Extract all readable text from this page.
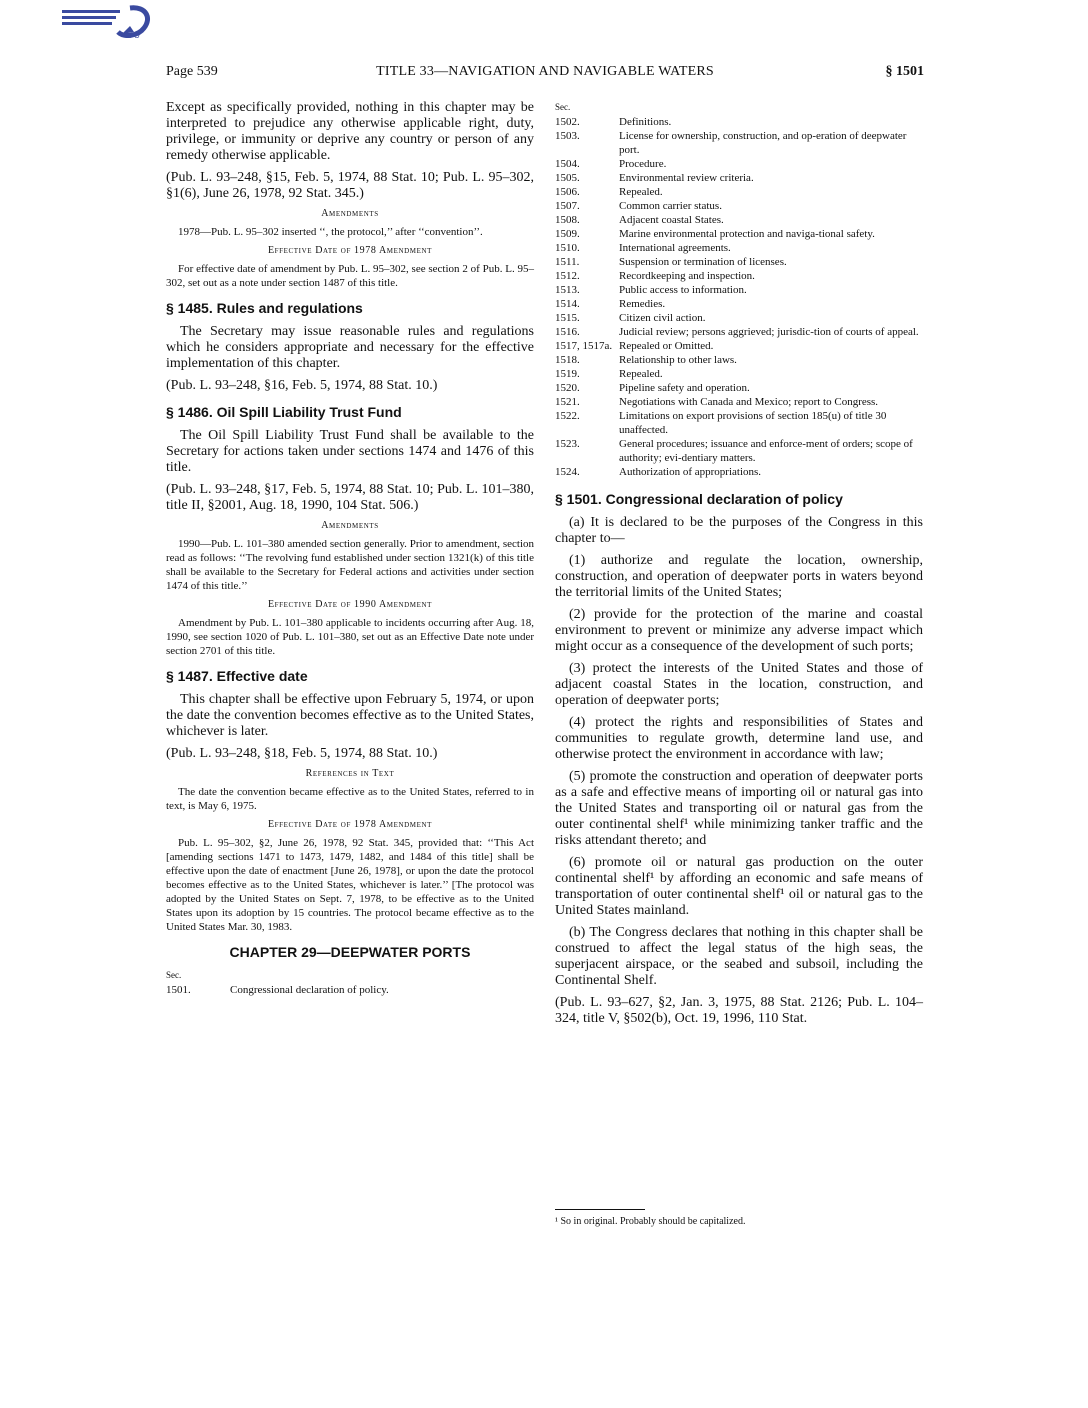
GPO
Page 539	TITLE 33—NAVIGATION AND NAVIGABLE WATERS	§ 1501

Except as specifically provided, nothing in this chapter may be interpreted to prejudice any otherwise applicable right, duty, privilege, or immunity or deprive any country or person of any remedy otherwise applicable.

(Pub. L. 93–248, §15, Feb. 5, 1974, 88 Stat. 10; Pub. L. 95–302, §1(6), June 26, 1978, 92 Stat. 345.)

Amendments

1978—Pub. L. 95–302 inserted ‘‘, the protocol,’’ after ‘‘convention’’.

Effective Date of 1978 Amendment

For effective date of amendment by Pub. L. 95–302, see section 2 of Pub. L. 95–302, set out as a note under section 1487 of this title.

§ 1485. Rules and regulations

The Secretary may issue reasonable rules and regulations which he considers appropriate and necessary for the effective implementation of this chapter.

(Pub. L. 93–248, §16, Feb. 5, 1974, 88 Stat. 10.)

§ 1486. Oil Spill Liability Trust Fund

The Oil Spill Liability Trust Fund shall be available to the Secretary for actions taken under sections 1474 and 1476 of this title.

(Pub. L. 93–248, §17, Feb. 5, 1974, 88 Stat. 10; Pub. L. 101–380, title II, §2001, Aug. 18, 1990, 104 Stat. 506.)

Amendments

1990—Pub. L. 101–380 amended section generally. Prior to amendment, section read as follows: ‘‘The revolving fund established under section 1321(k) of this title shall be available to the Secretary for Federal actions and activities under section 1474 of this title.’’

Effective Date of 1990 Amendment

Amendment by Pub. L. 101–380 applicable to incidents occurring after Aug. 18, 1990, see section 1020 of Pub. L. 101–380, set out as an Effective Date note under section 2701 of this title.

§ 1487. Effective date

This chapter shall be effective upon February 5, 1974, or upon the date the convention becomes effective as to the United States, whichever is later.

(Pub. L. 93–248, §18, Feb. 5, 1974, 88 Stat. 10.)

References in Text

The date the convention became effective as to the United States, referred to in text, is May 6, 1975.

Effective Date of 1978 Amendment

Pub. L. 95–302, §2, June 26, 1978, 92 Stat. 345, provided that: ‘‘This Act [amending sections 1471 to 1473, 1479, 1482, and 1484 of this title] shall be effective upon the date of enactment [June 26, 1978], or upon the date the protocol becomes effective as to the United States, whichever is later.’’ [The protocol was adopted by the United States on Sept. 7, 1978, to be effective as to the United States upon its adoption by 15 countries. The protocol became effective as to the United States Mar. 30, 1983.

CHAPTER 29—DEEPWATER PORTS
Sec.
1501.	Congressional declaration of policy.
Sec.
1502.	Definitions.
1503.	License for ownership, construction, and op-eration of deepwater port.
1504.	Procedure.
1505.	Environmental review criteria.
1506.	Repealed.
1507.	Common carrier status.
1508.	Adjacent coastal States.
1509.	Marine environmental protection and naviga-tional safety.
1510.	International agreements.
1511.	Suspension or termination of licenses.
1512.	Recordkeeping and inspection.
1513.	Public access to information.
1514.	Remedies.
1515.	Citizen civil action.
1516.	Judicial review; persons aggrieved; jurisdic-tion of courts of appeal.
1517, 1517a. Repealed or Omitted.
1518.	Relationship to other laws.
1519.	Repealed.
1520.	Pipeline safety and operation.
1521.	Negotiations with Canada and Mexico; report to Congress.
1522.	Limitations on export provisions of section 185(u) of title 30 unaffected.
1523.	General procedures; issuance and enforce-ment of orders; scope of authority; evi-dentiary matters.
1524.	Authorization of appropriations.
§ 1501. Congressional declaration of policy

(a) It is declared to be the purposes of the Congress in this chapter to—

(1) authorize and regulate the location, ownership, construction, and operation of deepwater ports in waters beyond the territorial limits of the United States;

(2) provide for the protection of the marine and coastal environment to prevent or minimize any adverse impact which might occur as a consequence of the development of such ports;

(3) protect the interests of the United States and those of adjacent coastal States in the location, construction, and operation of deepwater ports;

(4) protect the rights and responsibilities of States and communities to regulate growth, determine land use, and otherwise protect the environment in accordance with law;

(5) promote the construction and operation of deepwater ports as a safe and effective means of importing oil or natural gas into the United States and transporting oil or natural gas from the outer continental shelf¹ while minimizing tanker traffic and the risks attendant thereto; and

(6) promote oil or natural gas production on the outer continental shelf¹ by affording an economic and safe means of transportation of outer continental shelf¹ oil or natural gas to the United States mainland.

(b) The Congress declares that nothing in this chapter shall be construed to affect the legal status of the high seas, the superjacent airspace, or the seabed and subsoil, including the Continental Shelf.

(Pub. L. 93–627, §2, Jan. 3, 1975, 88 Stat. 2126; Pub. L. 104–324, title V, §502(b), Oct. 19, 1996, 110 Stat.

¹ So in original. Probably should be capitalized.
